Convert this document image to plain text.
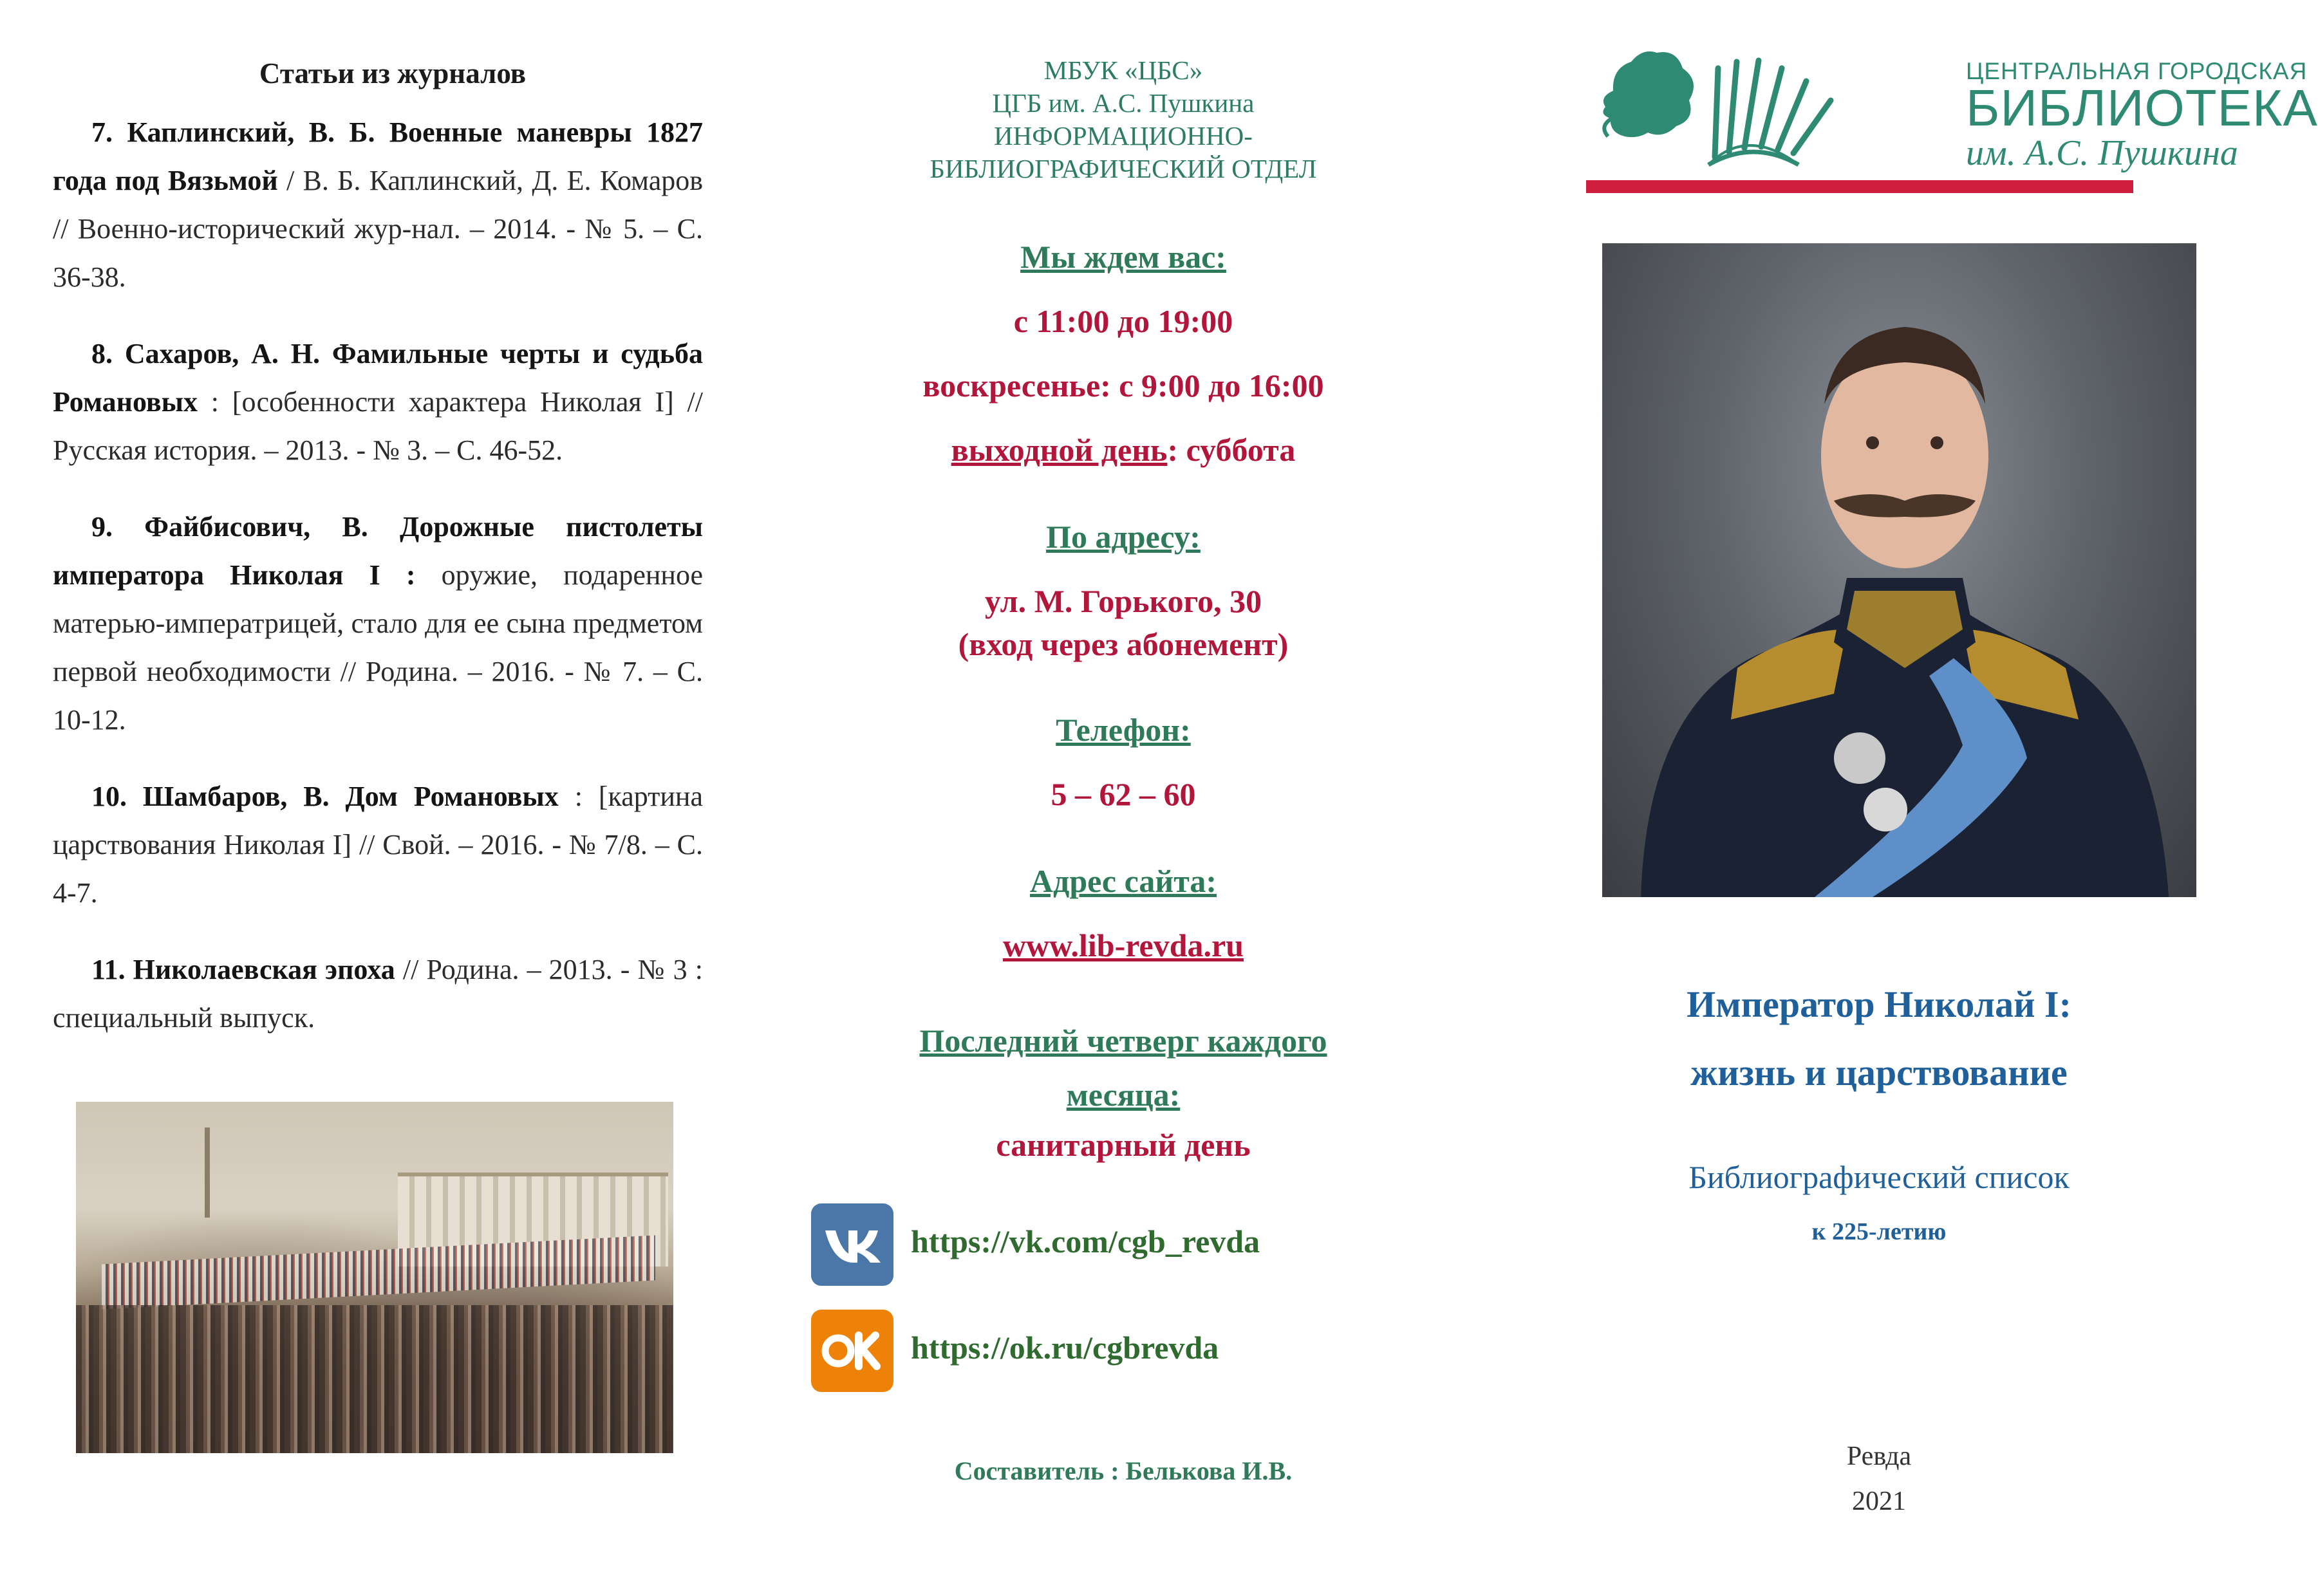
Статьи из журналов

7. Каплинский, В. Б. Военные маневры 1827 года под Вязьмой / В. Б. Каплинский, Д. Е. Комаров // Военно-исторический жур-нал. – 2014. - № 5. – С. 36-38.

8. Сахаров, А. Н. Фамильные черты и судьба Романовых : [особенности характера Николая I] // Русская история. – 2013. - № 3. – С. 46-52.

9. Файбисович, В. Дорожные пистолеты императора Николая I : оружие, подаренное матерью-императрицей, стало для ее сына предметом первой необходимости // Родина. – 2016. - № 7. – С. 10-12.

10. Шамбаров, В. Дом Романовых : [картина царствования Николая I] // Свой. – 2016. - № 7/8. – С. 4-7.

11. Николаевская эпоха // Родина. – 2013. - № 3 : специальный выпуск.

МБУК «ЦБС»
ЦГБ им. А.С. Пушкина
ИНФОРМАЦИОННО-
БИБЛИОГРАФИЧЕСКИЙ ОТДЕЛ
Мы ждем вас:
с 11:00 до 19:00
воскресенье: с 9:00 до 16:00
выходной день: суббота
По адресу:
ул. М. Горького, 30
(вход через абонемент)
Телефон:
5 – 62 – 60
Адрес сайта:
www.lib-revda.ru
Последний четверг каждого
месяца:
санитарный день
https://vk.com/cgb_revda
https://ok.ru/cgbrevda
Составитель : Белькова И.В.
ЦЕНТРАЛЬНАЯ ГОРОДСКАЯ
БИБЛИОТЕКА
им. А.С. Пушкина
Император Николай I:
жизнь и царствование
Библиографический список
к 225-летию
Ревда
2021
